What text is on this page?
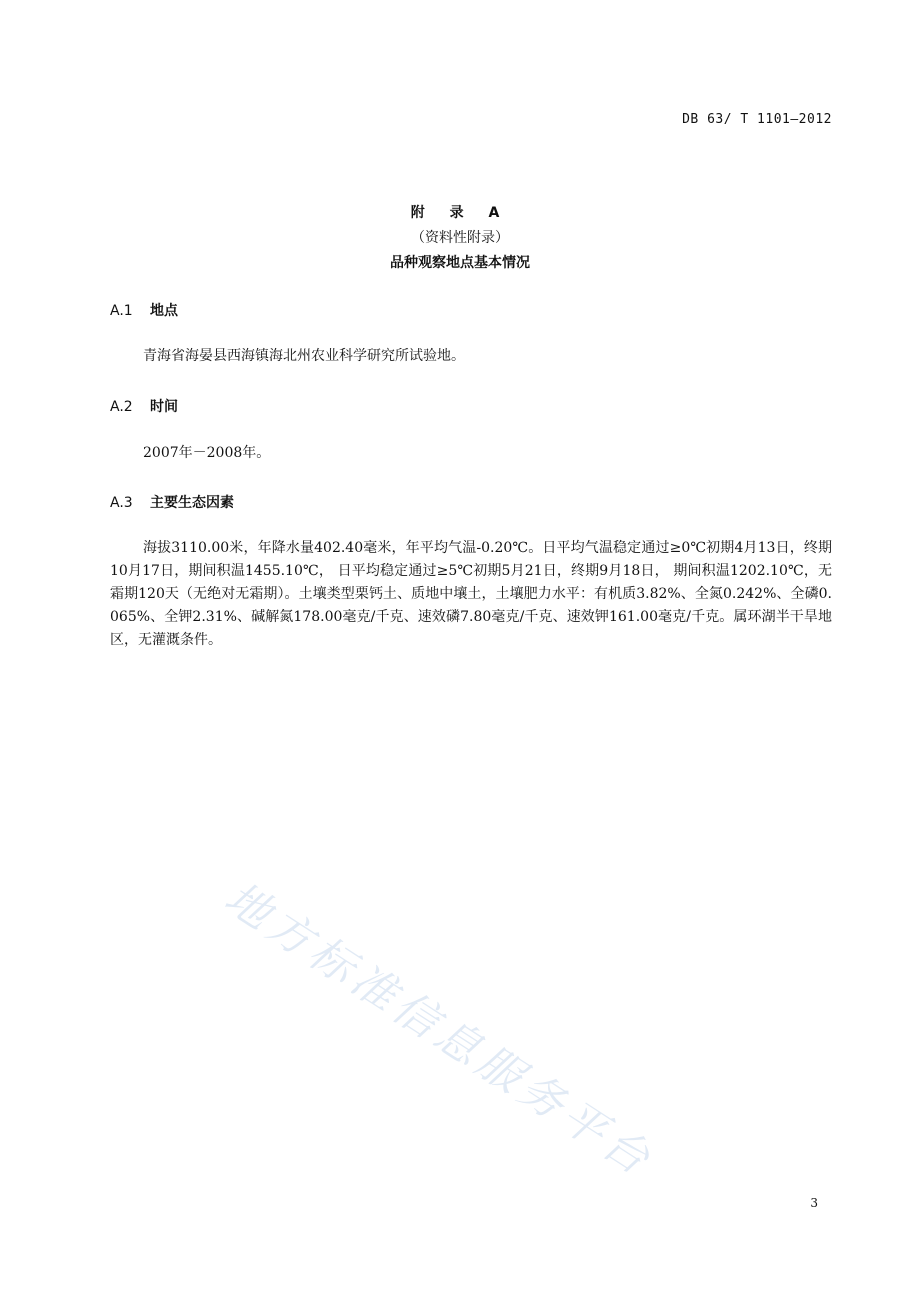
DB 63/ T 1101—2012
附 录 A
（资料性附录）
品种观察地点基本情况
A.1 地点
青海省海晏县西海镇海北州农业科学研究所试验地。
A.2 时间
2007年－2008年。
A.3 主要生态因素
海拔3110.00米，年降水量402.40毫米，年平均气温-0.20℃。日平均气温稳定通过≥0℃初期4月13日，终期10月17日，期间积温1455.10℃， 日平均稳定通过≥5℃初期5月21日，终期9月18日， 期间积温1202.10℃，无霜期120天（无绝对无霜期）。土壤类型栗钙土、质地中壤土，土壤肥力水平：有机质3.82%、全氮0.242%、全磷0.065%、全钾2.31%、碱解氮178.00毫克/千克、速效磷7.80毫克/千克、速效钾161.00毫克/千克。属环湖半干旱地区，无灌溉条件。
地方标准信息服务平台
3
